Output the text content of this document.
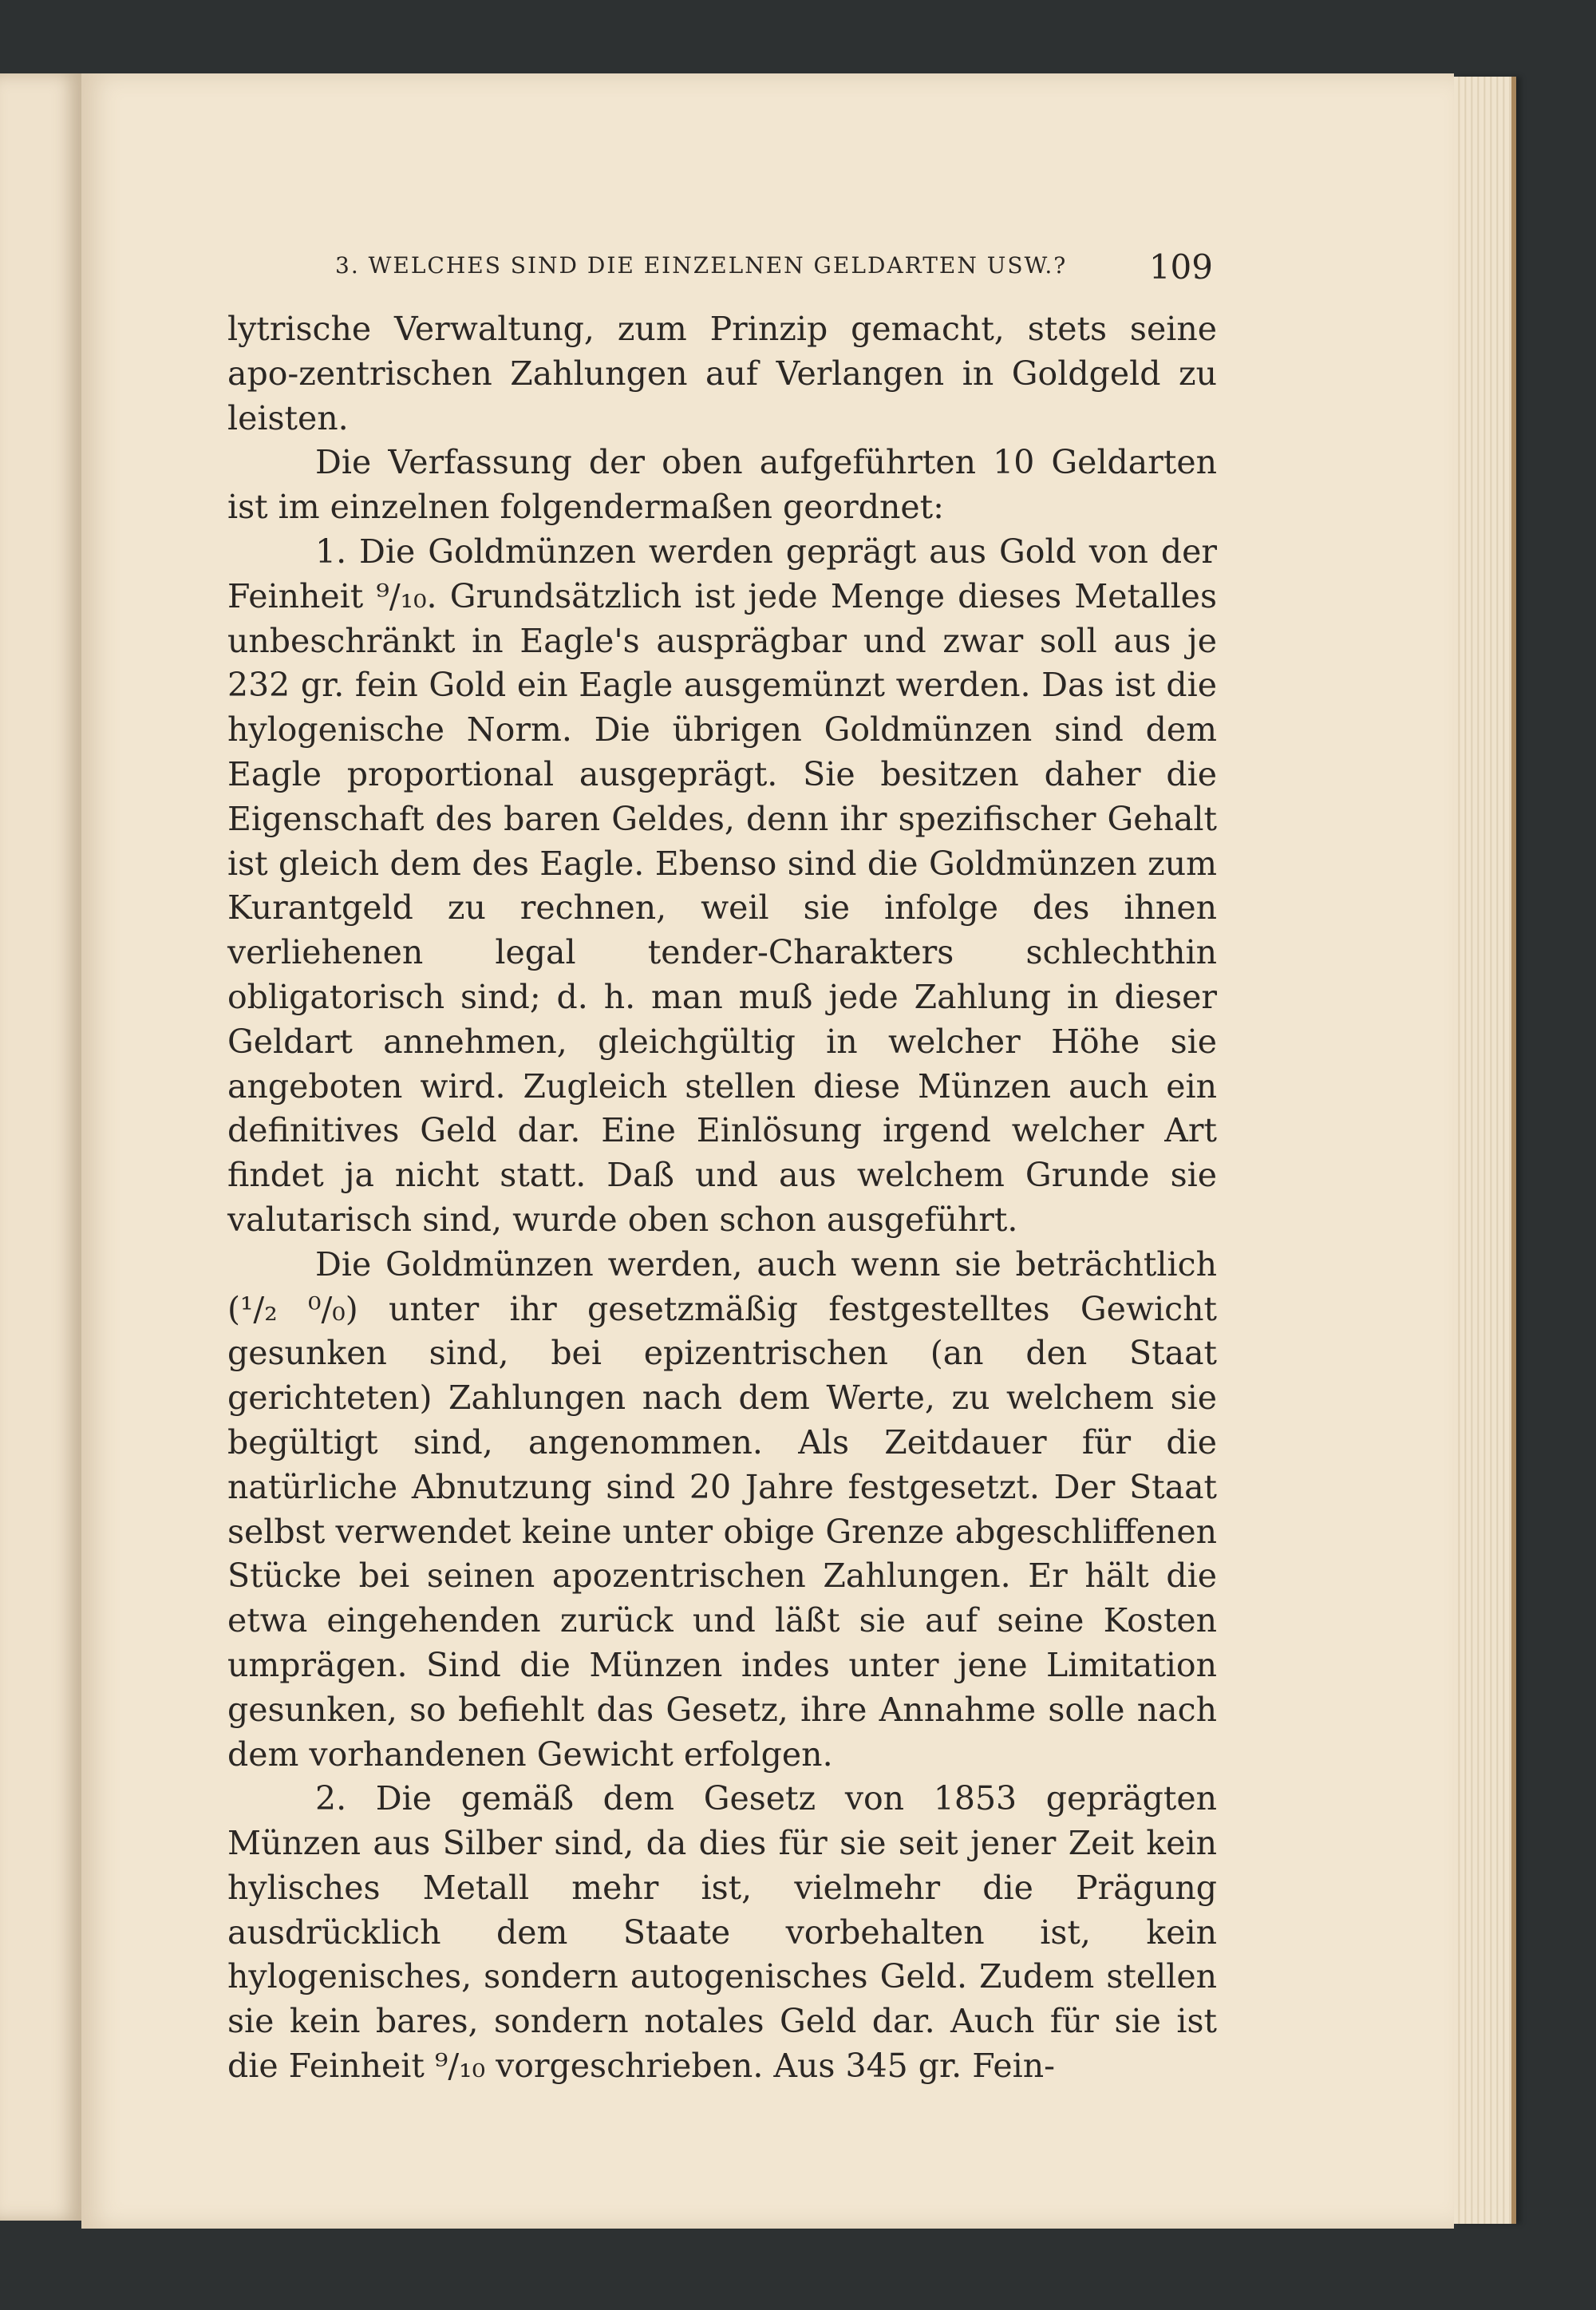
3. WELCHES SIND DIE EINZELNEN GELDARTEN USW.? 109

lytrische Verwaltung, zum Prinzip gemacht, stets seine apo-zentrischen Zahlungen auf Verlangen in Goldgeld zu leisten.

Die Verfassung der oben aufgeführten 10 Geldarten ist im einzelnen folgendermaßen geordnet:

1. Die Goldmünzen werden geprägt aus Gold von der Feinheit ⁹/₁₀. Grundsätzlich ist jede Menge dieses Metalles unbeschränkt in Eagle's ausprägbar und zwar soll aus je 232 gr. fein Gold ein Eagle ausgemünzt werden. Das ist die hylogenische Norm. Die übrigen Goldmünzen sind dem Eagle proportional ausgeprägt. Sie besitzen daher die Eigenschaft des baren Geldes, denn ihr spezifischer Gehalt ist gleich dem des Eagle. Ebenso sind die Goldmünzen zum Kurantgeld zu rechnen, weil sie infolge des ihnen verliehenen legal tender-Charakters schlechthin obligatorisch sind; d. h. man muß jede Zahlung in dieser Geldart annehmen, gleichgültig in welcher Höhe sie angeboten wird. Zugleich stellen diese Münzen auch ein definitives Geld dar. Eine Einlösung irgend welcher Art findet ja nicht statt. Daß und aus welchem Grunde sie valutarisch sind, wurde oben schon ausgeführt.

Die Goldmünzen werden, auch wenn sie beträchtlich (¹/₂ ⁰/₀) unter ihr gesetzmäßig festgestelltes Gewicht gesunken sind, bei epizentrischen (an den Staat gerichteten) Zahlungen nach dem Werte, zu welchem sie begültigt sind, angenommen. Als Zeitdauer für die natürliche Abnutzung sind 20 Jahre festgesetzt. Der Staat selbst verwendet keine unter obige Grenze abgeschliffenen Stücke bei seinen apozentrischen Zahlungen. Er hält die etwa eingehenden zurück und läßt sie auf seine Kosten umprägen. Sind die Münzen indes unter jene Limitation gesunken, so befiehlt das Gesetz, ihre Annahme solle nach dem vorhandenen Gewicht erfolgen.

2. Die gemäß dem Gesetz von 1853 geprägten Münzen aus Silber sind, da dies für sie seit jener Zeit kein hylisches Metall mehr ist, vielmehr die Prägung ausdrücklich dem Staate vorbehalten ist, kein hylogenisches, sondern autogenisches Geld. Zudem stellen sie kein bares, sondern notales Geld dar. Auch für sie ist die Feinheit ⁹/₁₀ vorgeschrieben. Aus 345 gr. Fein-
